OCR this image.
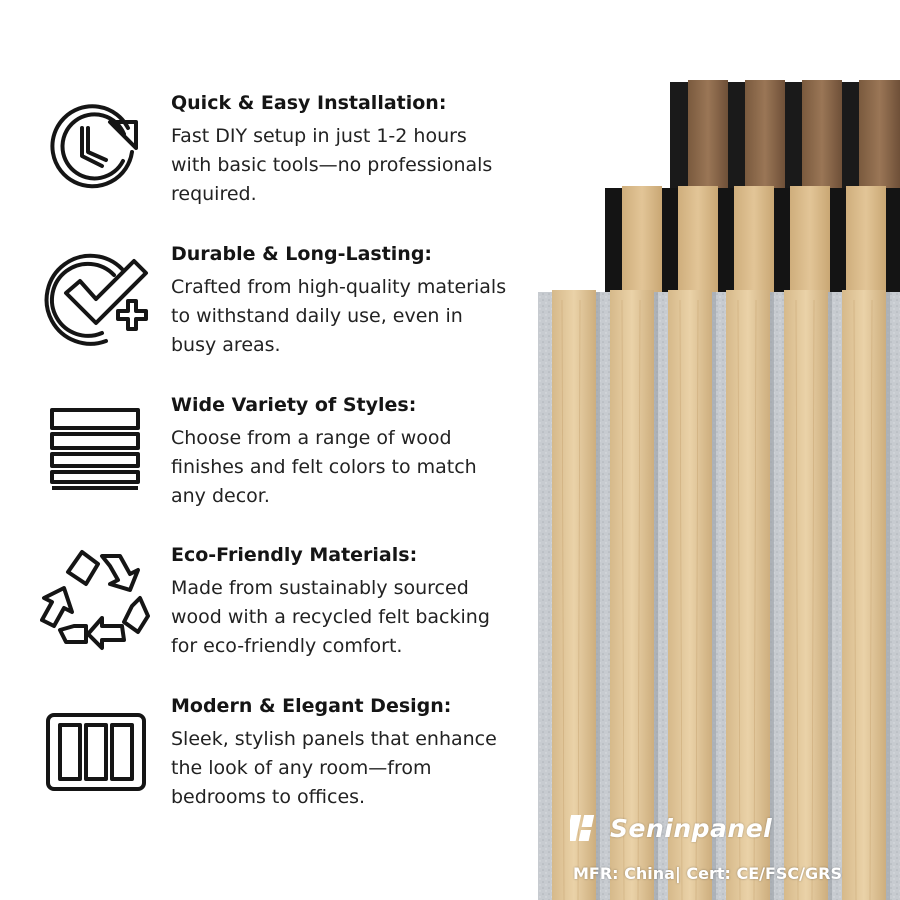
Quick & Easy Installation:
Fast DIY setup in just 1-2 hours
with basic tools—no professionals
required.
Durable & Long-Lasting:
Crafted from high-quality materials
to withstand daily use, even in
busy areas.
Wide Variety of Styles:
Choose from a range of wood
finishes and felt colors to match
any decor.
Eco-Friendly Materials:
Made from sustainably sourced
wood with a recycled felt backing
for eco-friendly comfort.
Modern & Elegant Design:
Sleek, stylish panels that enhance
the look of any room—from
bedrooms to offices.
Seninpanel
MFR: China| Cert: CE/FSC/GRS
